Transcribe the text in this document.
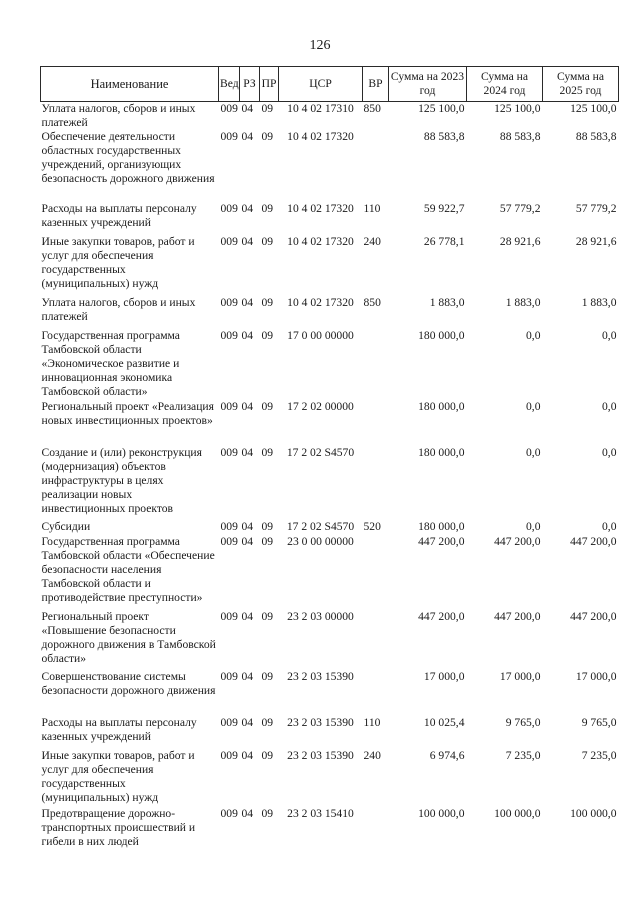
126
Наименование	Вед	РЗ	ПР	ЦСР	ВР	Сумма на 2023 год	Сумма на 2024 год	Сумма на 2025 год
Уплата налогов, сборов и иных платежей	009	04	09	10 4 02 17310	850	125 100,0	125 100,0	125 100,0
Обеспечение деятельности областных государственных учреждений, организующих безопасность дорожного движения	009	04	09	10 4 02 17320		88 583,8	88 583,8	88 583,8
Расходы на выплаты персоналу казенных учреждений	009	04	09	10 4 02 17320	110	59 922,7	57 779,2	57 779,2
Иные закупки товаров, работ и услуг для обеспечения государственных (муниципальных) нужд	009	04	09	10 4 02 17320	240	26 778,1	28 921,6	28 921,6
Уплата налогов, сборов и иных платежей	009	04	09	10 4 02 17320	850	1 883,0	1 883,0	1 883,0
Государственная программа Тамбовской области «Экономическое развитие и инновационная экономика Тамбовской области»	009	04	09	17 0 00 00000		180 000,0	0,0	0,0
Региональный проект «Реализация новых инвестиционных проектов»	009	04	09	17 2 02 00000		180 000,0	0,0	0,0
Создание и (или) реконструкция (модернизация) объектов инфраструктуры в целях реализации новых инвестиционных проектов	009	04	09	17 2 02 S4570		180 000,0	0,0	0,0
Субсидии	009	04	09	17 2 02 S4570	520	180 000,0	0,0	0,0
Государственная программа Тамбовской области «Обеспечение безопасности населения Тамбовской области и противодействие преступности»	009	04	09	23 0 00 00000		447 200,0	447 200,0	447 200,0
Региональный проект «Повышение безопасности дорожного движения в Тамбовской области»	009	04	09	23 2 03 00000		447 200,0	447 200,0	447 200,0
Совершенствование системы безопасности дорожного движения	009	04	09	23 2 03 15390		17 000,0	17 000,0	17 000,0
Расходы на выплаты персоналу казенных учреждений	009	04	09	23 2 03 15390	110	10 025,4	9 765,0	9 765,0
Иные закупки товаров, работ и услуг для обеспечения государственных (муниципальных) нужд	009	04	09	23 2 03 15390	240	6 974,6	7 235,0	7 235,0
Предотвращение дорожно-транспортных происшествий и гибели в них людей	009	04	09	23 2 03 15410		100 000,0	100 000,0	100 000,0
